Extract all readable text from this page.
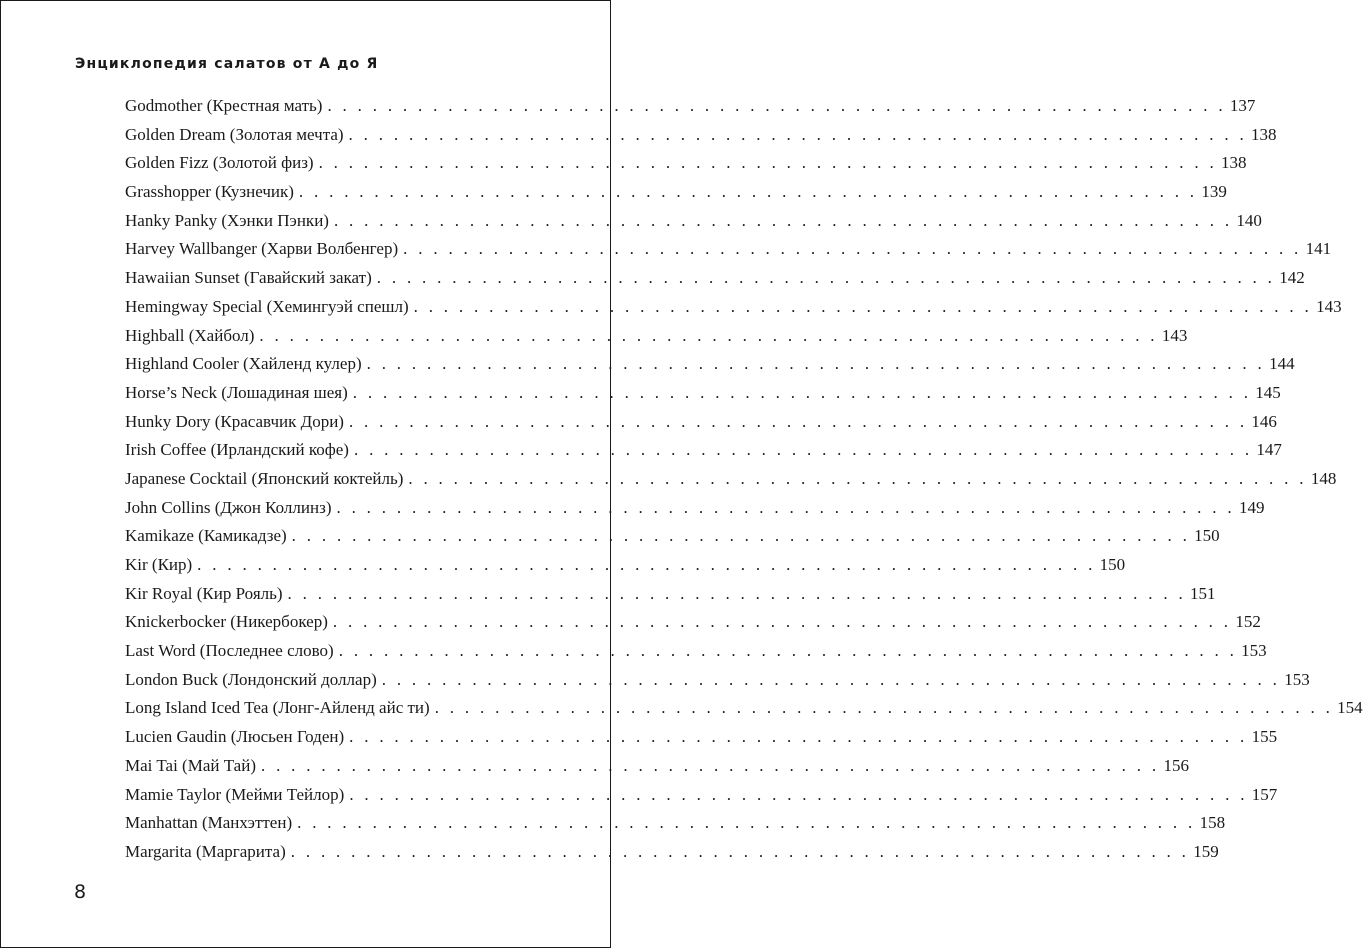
Энциклопедия салатов от А до Я
Godmother (Крестная мать) . . . . . . . . . . . . . . . . . . . . . . . . . . . . . . . . . . . . . . . . . . . . . . . . . . . . . . . . . . . . 137
Golden Dream (Золотая мечта) . . . . . . . . . . . . . . . . . . . . . . . . . . . . . . . . . . . . . . . . . . . . . . . . . . . . . . . . . . . . 138
Golden Fizz (Золотой физ) . . . . . . . . . . . . . . . . . . . . . . . . . . . . . . . . . . . . . . . . . . . . . . . . . . . . . . . . . . . . 138
Grasshopper (Кузнечик) . . . . . . . . . . . . . . . . . . . . . . . . . . . . . . . . . . . . . . . . . . . . . . . . . . . . . . . . . . . . 139
Hanky Panky (Хэнки Пэнки) . . . . . . . . . . . . . . . . . . . . . . . . . . . . . . . . . . . . . . . . . . . . . . . . . . . . . . . . . . . . 140
Harvey Wallbanger (Харви Волбенгер) . . . . . . . . . . . . . . . . . . . . . . . . . . . . . . . . . . . . . . . . . . . . . . . . . . . . . . . . . . . . 141
Hawaiian Sunset (Гавайский закат) . . . . . . . . . . . . . . . . . . . . . . . . . . . . . . . . . . . . . . . . . . . . . . . . . . . . . . . . . . . . 142
Hemingway Special (Хемингуэй спешл) . . . . . . . . . . . . . . . . . . . . . . . . . . . . . . . . . . . . . . . . . . . . . . . . . . . . . . . . . . . . 143
Highball (Хайбол) . . . . . . . . . . . . . . . . . . . . . . . . . . . . . . . . . . . . . . . . . . . . . . . . . . . . . . . . . . . . 143
Highland Cooler (Хайленд кулер) . . . . . . . . . . . . . . . . . . . . . . . . . . . . . . . . . . . . . . . . . . . . . . . . . . . . . . . . . . . . 144
Horse’s Neck (Лошадиная шея) . . . . . . . . . . . . . . . . . . . . . . . . . . . . . . . . . . . . . . . . . . . . . . . . . . . . . . . . . . . . 145
Hunky Dory (Красавчик Дори) . . . . . . . . . . . . . . . . . . . . . . . . . . . . . . . . . . . . . . . . . . . . . . . . . . . . . . . . . . . . 146
Irish Coffee (Ирландский кофе) . . . . . . . . . . . . . . . . . . . . . . . . . . . . . . . . . . . . . . . . . . . . . . . . . . . . . . . . . . . . 147
Japanese Cocktail (Японский коктейль) . . . . . . . . . . . . . . . . . . . . . . . . . . . . . . . . . . . . . . . . . . . . . . . . . . . . . . . . . . . . 148
John Collins (Джон Коллинз) . . . . . . . . . . . . . . . . . . . . . . . . . . . . . . . . . . . . . . . . . . . . . . . . . . . . . . . . . . . . 149
Kamikaze (Камикадзе) . . . . . . . . . . . . . . . . . . . . . . . . . . . . . . . . . . . . . . . . . . . . . . . . . . . . . . . . . . . . 150
Kir (Кир) . . . . . . . . . . . . . . . . . . . . . . . . . . . . . . . . . . . . . . . . . . . . . . . . . . . . . . . . . . . . 150
Kir Royal (Кир Рояль) . . . . . . . . . . . . . . . . . . . . . . . . . . . . . . . . . . . . . . . . . . . . . . . . . . . . . . . . . . . . 151
Knickerbocker (Никербокер) . . . . . . . . . . . . . . . . . . . . . . . . . . . . . . . . . . . . . . . . . . . . . . . . . . . . . . . . . . . . 152
Last Word (Последнее слово) . . . . . . . . . . . . . . . . . . . . . . . . . . . . . . . . . . . . . . . . . . . . . . . . . . . . . . . . . . . . 153
London Buck (Лондонский доллар) . . . . . . . . . . . . . . . . . . . . . . . . . . . . . . . . . . . . . . . . . . . . . . . . . . . . . . . . . . . . 153
Long Island Iced Tea (Лонг-Айленд айс ти) . . . . . . . . . . . . . . . . . . . . . . . . . . . . . . . . . . . . . . . . . . . . . . . . . . . . . . . . . . . . 154
Lucien Gaudin (Люсьен Годен) . . . . . . . . . . . . . . . . . . . . . . . . . . . . . . . . . . . . . . . . . . . . . . . . . . . . . . . . . . . . 155
Mai Tai (Май Тай) . . . . . . . . . . . . . . . . . . . . . . . . . . . . . . . . . . . . . . . . . . . . . . . . . . . . . . . . . . . . 156
Mamie Taylor (Мейми Тейлор) . . . . . . . . . . . . . . . . . . . . . . . . . . . . . . . . . . . . . . . . . . . . . . . . . . . . . . . . . . . . 157
Manhattan (Манхэттен) . . . . . . . . . . . . . . . . . . . . . . . . . . . . . . . . . . . . . . . . . . . . . . . . . . . . . . . . . . . . 158
Margarita (Маргарита) . . . . . . . . . . . . . . . . . . . . . . . . . . . . . . . . . . . . . . . . . . . . . . . . . . . . . . . . . . . . 159
8
